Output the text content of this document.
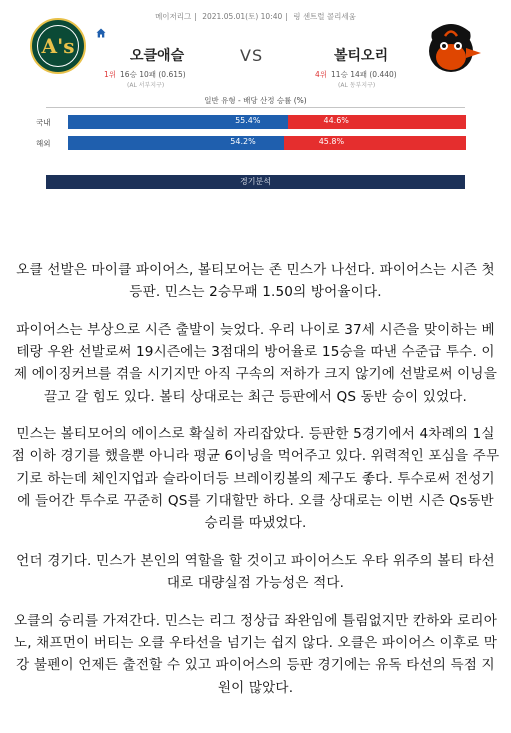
메이저리그 | 2021.05.01(토) 10:40 | 링 센트럴 콜리세움
A's	오클애슬	VS	볼티오리
1위 16승 10패 (0.615)
(AL 서부지구)
4위 11승 14패 (0.440)
(AL 동부지구)
일반 유형 - 배당 산정 승률 (%)
국내	55.4%	44.6%
해외	54.2%	45.8%
경기분석

오클 선발은 마이클 파이어스, 볼티모어는 존 민스가 나선다. 파이어스는 시즌 첫 등판. 민스는 2승무패 1.50의 방어율이다.

파이어스는 부상으로 시즌 출발이 늦었다. 우리 나이로 37세 시즌을 맞이하는 베테랑 우완 선발로써 19시즌에는 3점대의 방어율로 15승을 따낸 수준급 투수. 이제 에이징커브를 겪을 시기지만 아직 구속의 저하가 크지 않기에 선발로써 이닝을 끌고 갈 힘도 있다. 볼티 상대로는 최근 등판에서 QS 동반 승이 있었다.

민스는 볼티모어의 에이스로 확실히 자리잡았다. 등판한 5경기에서 4차례의 1실점 이하 경기를 했을뿐 아니라 평균 6이닝을 먹어주고 있다. 위력적인 포심을 주무기로 하는데 체인지업과 슬라이더등 브레이킹볼의 제구도 좋다. 투수로써 전성기에 들어간 투수로 꾸준히 QS를 기대할만 하다. 오클 상대로는 이번 시즌 Qs동반 승리를 따냈었다.

언더 경기다. 민스가 본인의 역할을 할 것이고 파이어스도 우타 위주의 볼티 타선 대로 대량실점 가능성은 적다.

오클의 승리를 가져간다. 민스는 리그 정상급 좌완임에 틀림없지만 칸하와 로리아노, 채프먼이 버티는 오클 우타선을 넘기는 쉽지 않다. 오클은 파이어스 이후로 막강 불펜이 언제든 출전할 수 있고 파이어스의 등판 경기에는 유독 타선의 득점 지원이 많았다.
